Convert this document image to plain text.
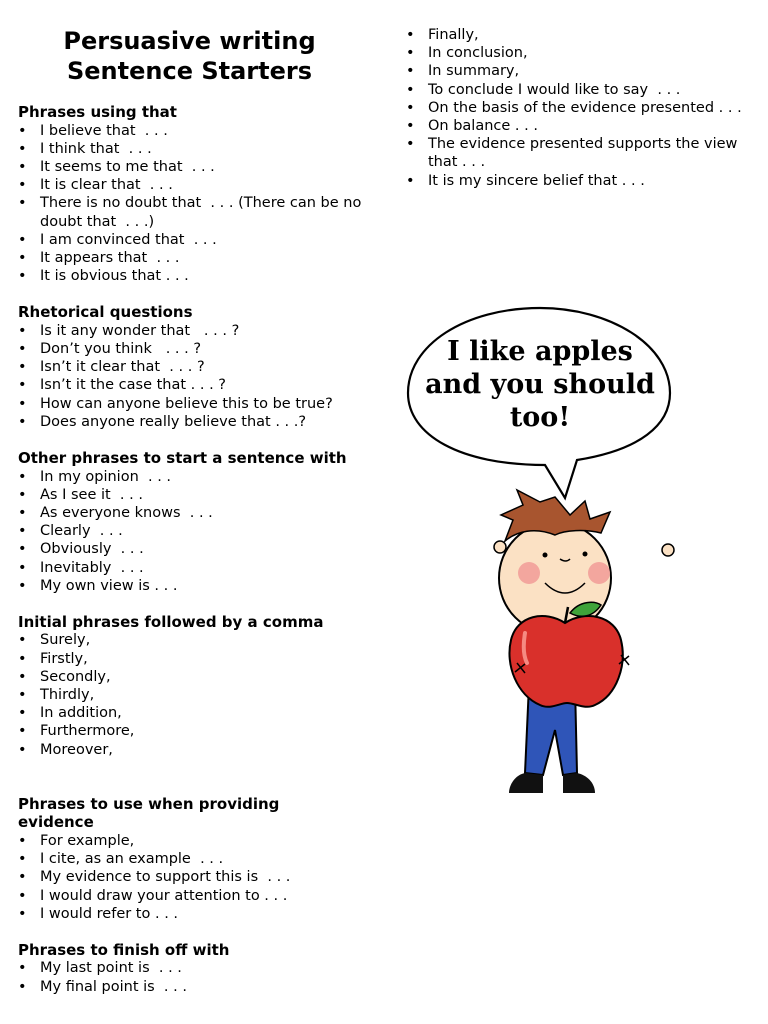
Persuasive writing
Sentence Starters
Phrases using that
• I believe that  . . .
• I think that  . . .
• It seems to me that  . . .
• It is clear that  . . .
• There is no doubt that  . . . (There can be no doubt that  . . .)
• I am convinced that  . . .
• It appears that  . . .
• It is obvious that . . .
Rhetorical questions
• Is it any wonder that   . . . ?
• Don’t you think   . . . ?
• Isn’t it clear that  . . . ?
• Isn’t it the case that . . . ?
• How can anyone believe this to be true?
• Does anyone really believe that . . .?
Other phrases to start a sentence with
• In my opinion  . . .
• As I see it  . . .
• As everyone knows  . . .
• Clearly  . . .
• Obviously  . . .
• Inevitably  . . .
• My own view is . . .
Initial phrases followed by a comma
• Surely,
• Firstly,
• Secondly,
• Thirdly,
• In addition,
• Furthermore,
• Moreover,
Phrases to use when providing evidence
• For example,
• I cite, as an example  . . .
• My evidence to support this is  . . .
• I would draw your attention to . . .
• I would refer to . . .
Phrases to finish off with
• My last point is  . . .
• My final point is  . . .
• Finally,
• In conclusion,
• In summary,
• To conclude I would like to say  . . .
• On the basis of the evidence presented . . .
• On balance . . .
• The evidence presented supports the view that . . .
• It is my sincere belief that . . .
I like apples and you should too!
